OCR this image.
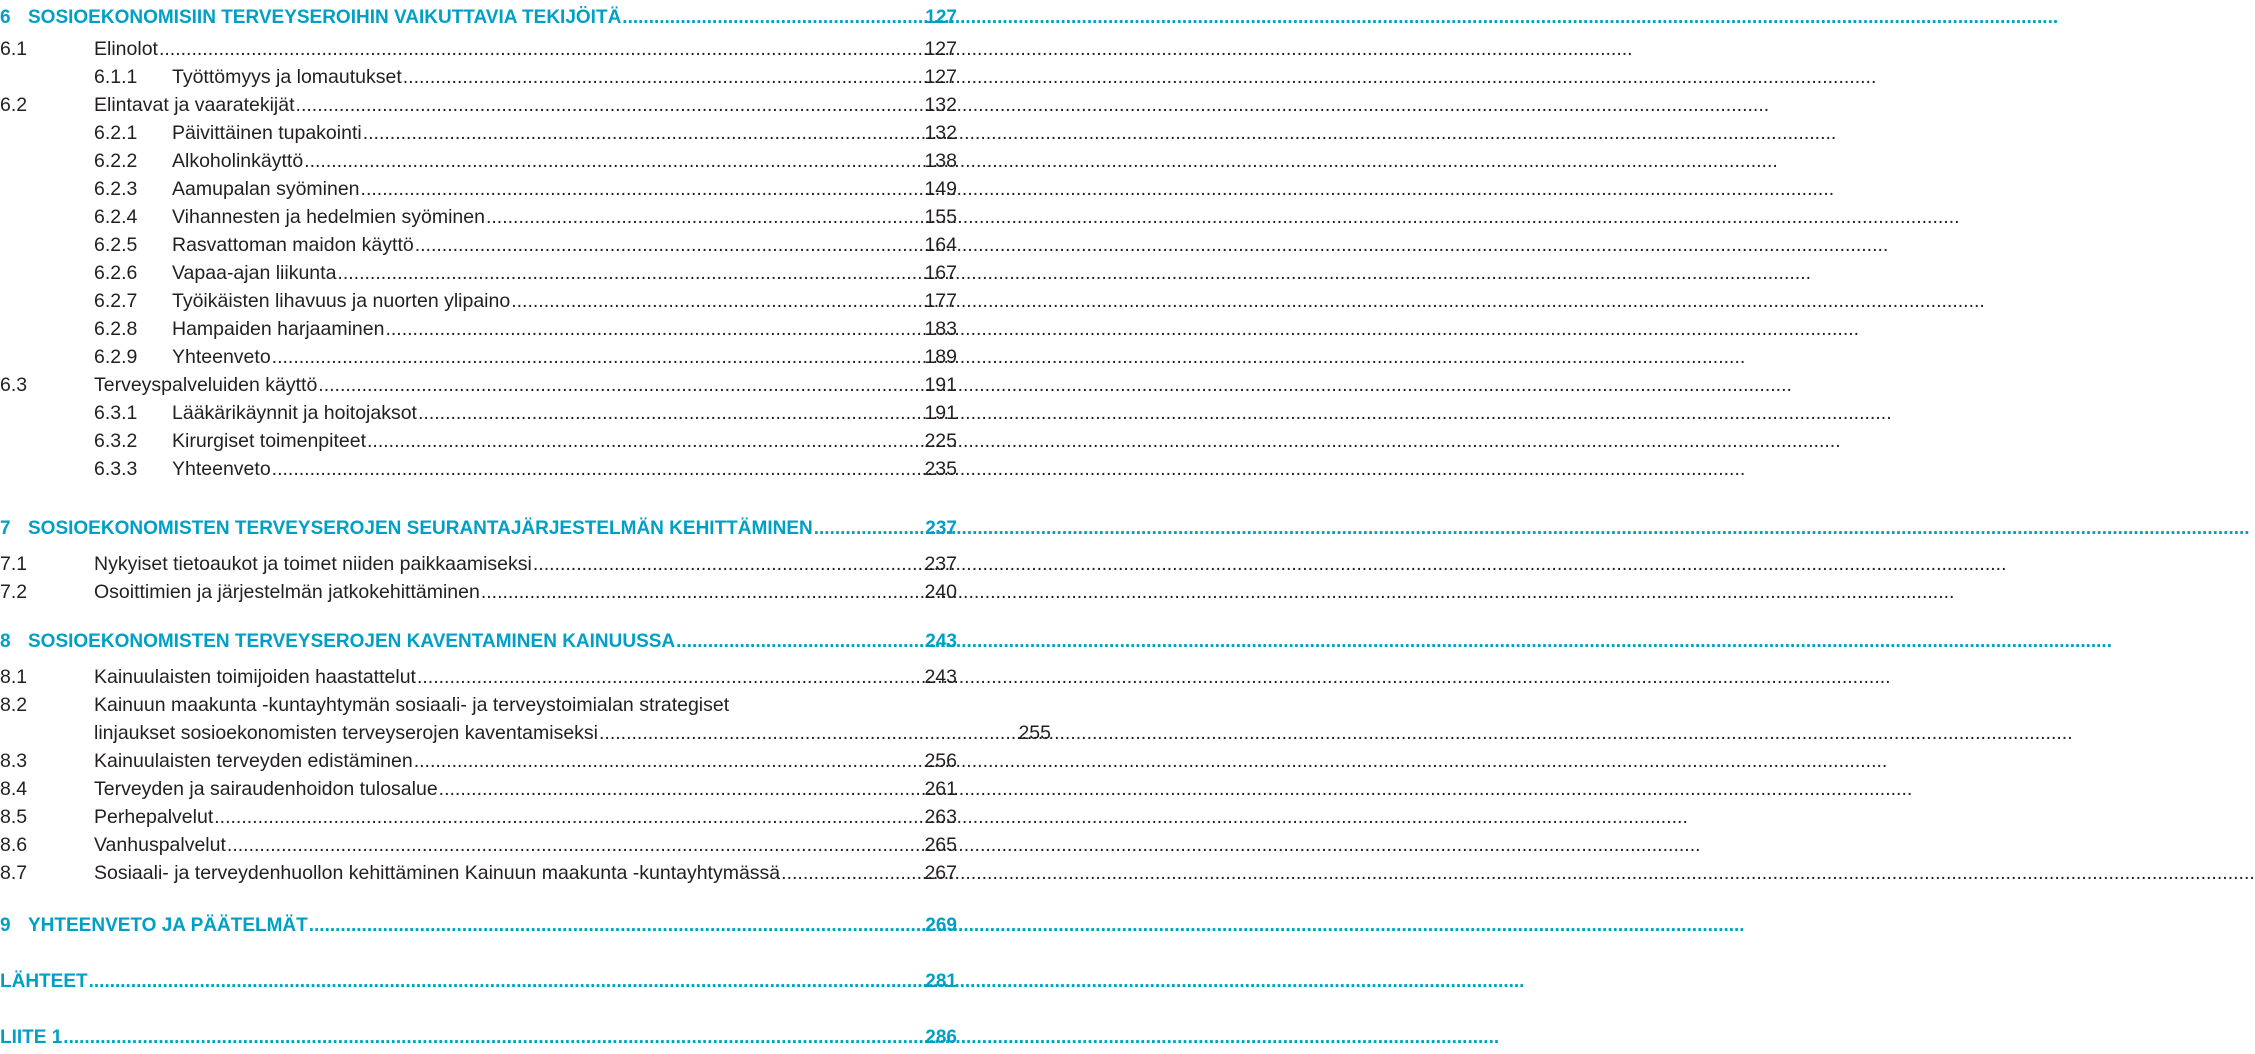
6 SOSIOEKONOMISIIN TERVEYSEROIHIN VAIKUTTAVIA TEKIJÖITÄ .....	127
6.1	Elinolot .....	127
6.1.1	Työttömyys ja lomautukset .....	127
6.2	Elintavat ja vaaratekijät .....	132
6.2.1	Päivittäinen tupakointi .....	132
6.2.2	Alkoholinkäyttö .....	138
6.2.3	Aamupalan syöminen .....	149
6.2.4	Vihannesten ja hedelmien syöminen .....	155
6.2.5	Rasvattoman maidon käyttö .....	164
6.2.6	Vapaa-ajan liikunta .....	167
6.2.7	Työikäisten lihavuus ja nuorten ylipaino .....	177
6.2.8	Hampaiden harjaaminen .....	183
6.2.9	Yhteenveto .....	189
6.3	Terveyspalveluiden käyttö .....	191
6.3.1	Lääkärikäynnit ja hoitojaksot .....	191
6.3.2	Kirurgiset toimenpiteet .....	225
6.3.3	Yhteenveto .....	235
7 SOSIOEKONOMISTEN TERVEYSEROJEN SEURANTAJÄRJESTELMÄN KEHITTÄMINEN .....	237
7.1	Nykyiset tietoaukot ja toimet niiden paikkaamiseksi .....	237
7.2	Osoittimien ja järjestelmän jatkokehittäminen .....	240
8 SOSIOEKONOMISTEN TERVEYSEROJEN KAVENTAMINEN KAINUUSSA .....	243
8.1	Kainuulaisten toimijoiden haastattelut .....	243
8.2	Kainuun maakunta -kuntayhtymän sosiaali- ja terveystoimialan strategiset
linjaukset sosioekonomisten terveyserojen kaventamiseksi .....	255
8.3	Kainuulaisten terveyden edistäminen .....	256
8.4	Terveyden ja sairaudenhoidon tulosalue .....	261
8.5	Perhepalvelut .....	263
8.6	Vanhuspalvelut .....	265
8.7	Sosiaali- ja terveydenhuollon kehittäminen Kainuun maakunta -kuntayhtymässä .....	267
9 YHTEENVETO JA PÄÄTELMÄT .....	269
LÄHTEET .....	281
LIITE 1 .....	286
